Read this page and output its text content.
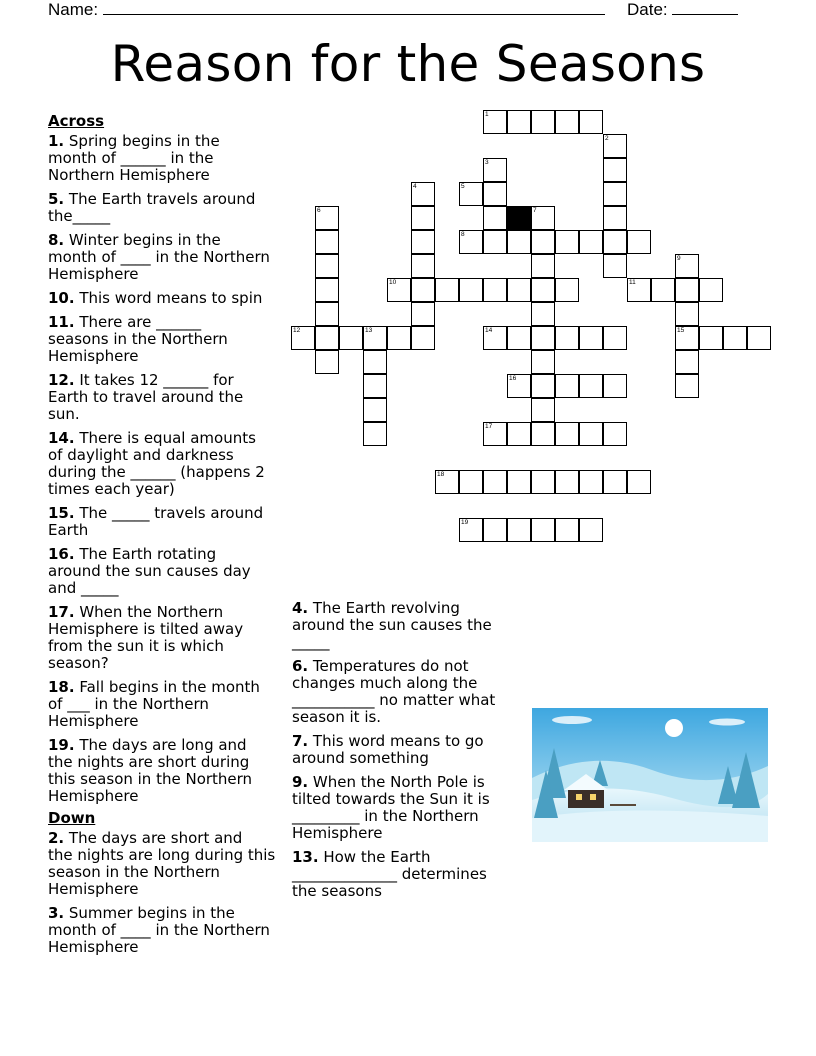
Name:	Date:
Reason for the Seasons
Across
1. Spring begins in the
month of ______ in the
Northern Hemisphere
5. The Earth travels around
the_____
8. Winter begins in the
month of ____ in the Northern
Hemisphere
10. This word means to spin
11. There are ______
seasons in the Northern
Hemisphere
12. It takes 12 ______ for
Earth to travel around the
sun.
14. There is equal amounts
of daylight and darkness
during the ______ (happens 2
times each year)
15. The _____ travels around
Earth
16. The Earth rotating
around the sun causes day
and _____
17. When the Northern
Hemisphere is tilted away
from the sun it is which
season?
18. Fall begins in the month
of ___ in the Northern
Hemisphere
19. The days are long and
the nights are short during
this season in the Northern
Hemisphere
Down
2. The days are short and
the nights are long during this
season in the Northern
Hemisphere
3. Summer begins in the
month of ____ in the Northern
Hemisphere
4. The Earth revolving
around the sun causes the
_____
6. Temperatures do not
changes much along the
___________ no matter what
season it is.
7. This word means to go
around something
9. When the North Pole is
tilted towards the Sun it is
_________ in the Northern
Hemisphere
13. How the Earth
______________ determines
the seasons
1
2
3
4	5
6	7
8
9
15
10	11
12	13	14
16
17
18
19
